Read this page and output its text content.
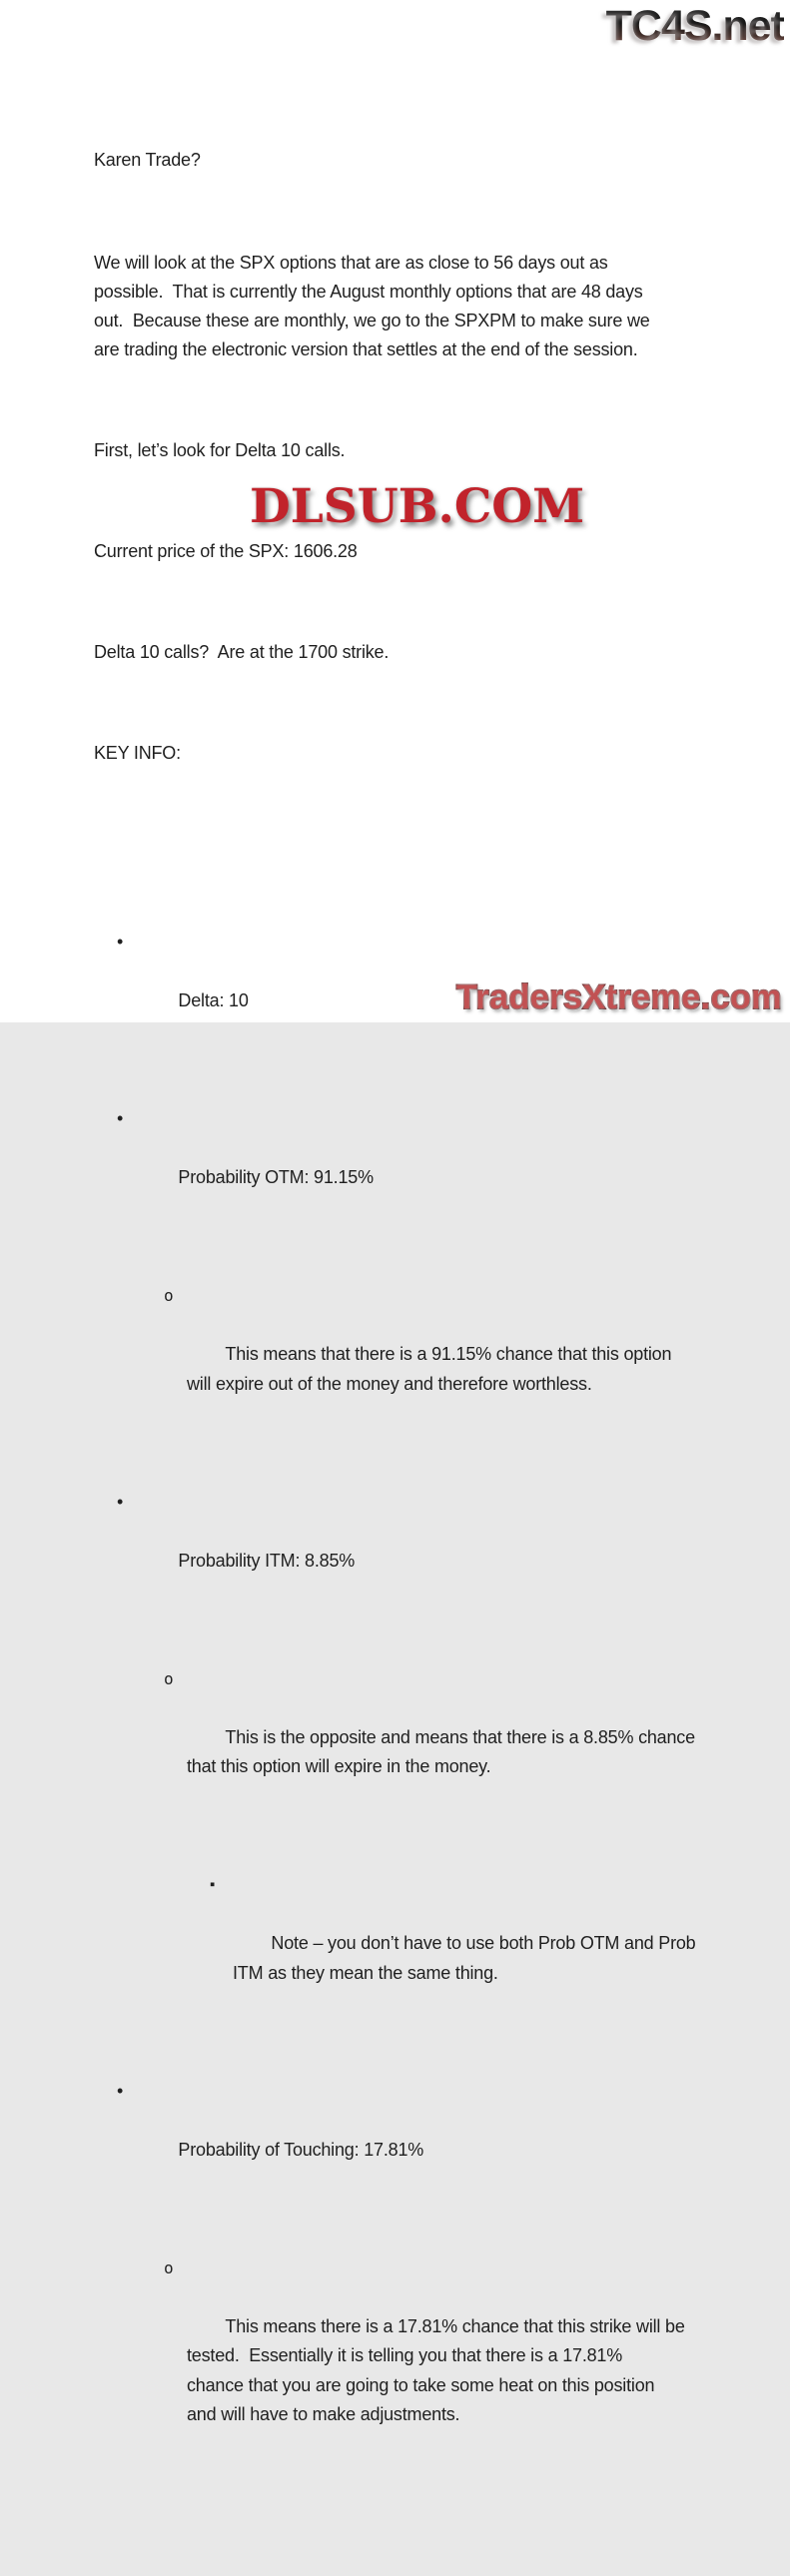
TC4S.net

Karen Trade?

We will look at the SPX options that are as close to 56 days out as
possible.  That is currently the August monthly options that are 48 days
out.  Because these are monthly, we go to the SPXPM to make sure we
are trading the electronic version that settles at the end of the session.

First, let’s look for Delta 10 calls.

Current price of the SPX: 1606.28

Delta 10 calls?  Are at the 1700 strike.

KEY INFO:

•

Delta: 10

•

Probability OTM: 91.15%

o

This means that there is a 91.15% chance that this option
will expire out of the money and therefore worthless.

•

Probability ITM: 8.85%

o

This is the opposite and means that there is a 8.85% chance
that this option will expire in the money.

▪

Note – you don’t have to use both Prob OTM and Prob
ITM as they mean the same thing.

•

Probability of Touching: 17.81%

o

This means there is a 17.81% chance that this strike will be
tested.  Essentially it is telling you that there is a 17.81%
chance that you are going to take some heat on this position
and will have to make adjustments.

DLSUB.COM
TradersXtreme.com
